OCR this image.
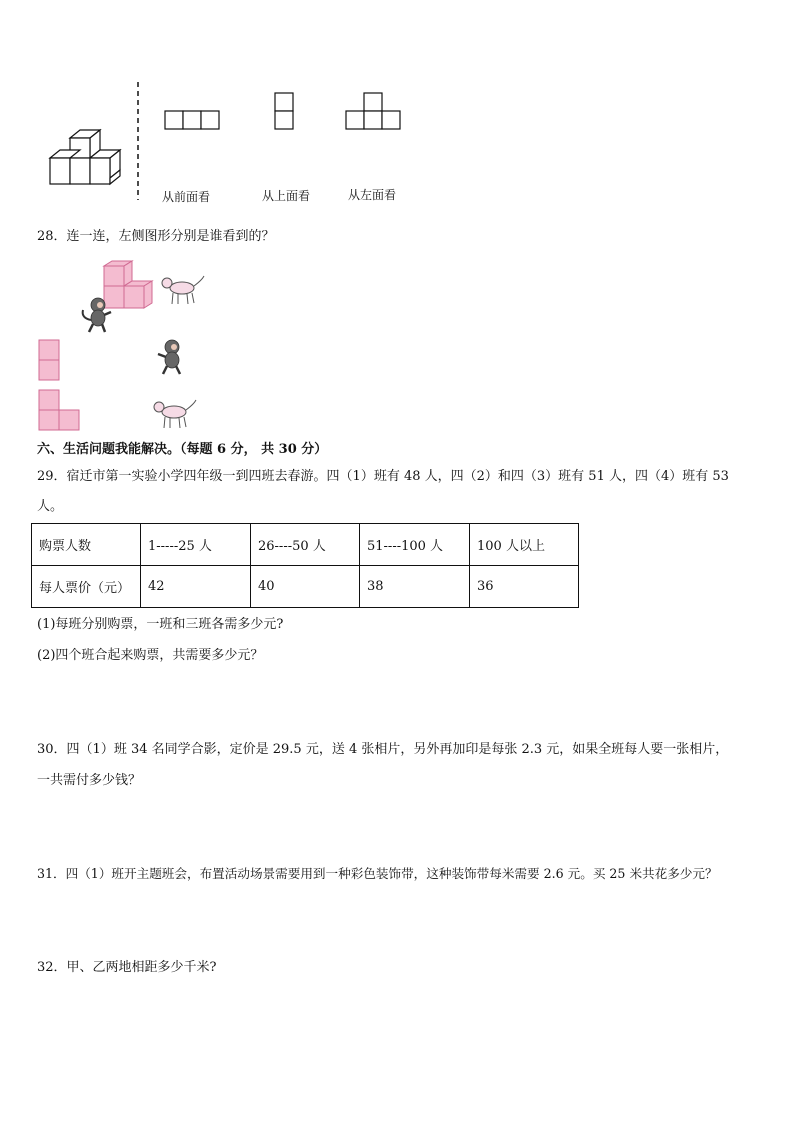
从前面看	从上面看	从左面看
28．连一连，左侧图形分别是谁看到的？
六、生活问题我能解决。（每题 6 分， 共 30 分）
29．宿迁市第一实验小学四年级一到四班去春游。四（1）班有 48 人，四（2）和四（3）班有 51 人，四（4）班有 53
人。
购票人数	1-----25 人	26----50 人	51----100 人	100 人以上
每人票价（元）	42	40	38	36
(1)每班分别购票，一班和三班各需多少元?
(2)四个班合起来购票，共需要多少元？
30．四（1）班 34 名同学合影，定价是 29.5 元，送 4 张相片，另外再加印是每张 2.3 元，如果全班每人要一张相片，
一共需付多少钱？
31．四（1）班开主题班会，布置活动场景需要用到一种彩色装饰带，这种装饰带每米需要 2.6 元。买 25 米共花多少元？
32．甲、乙两地相距多少千米?
